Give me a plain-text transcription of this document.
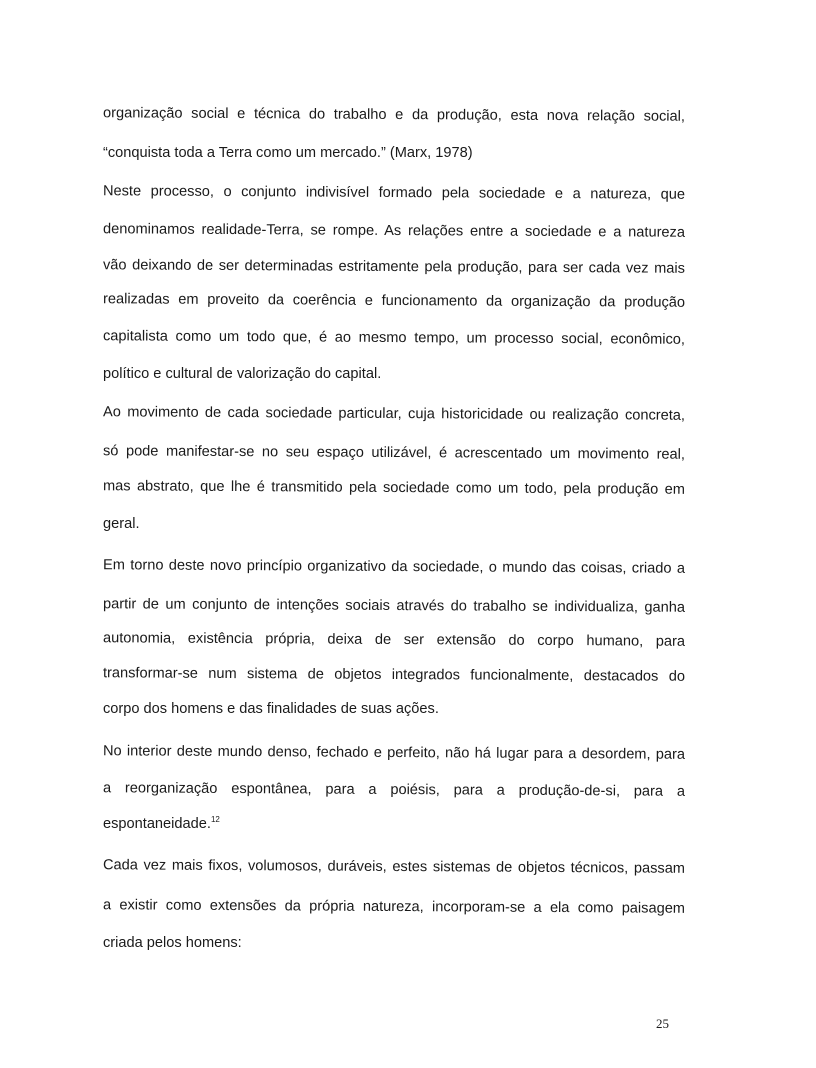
organização social e técnica do trabalho e da produção, esta nova relação social,
“conquista toda a Terra como um mercado.” (Marx, 1978)
Neste processo, o conjunto indivisível formado pela sociedade e a natureza, que
denominamos realidade-Terra, se rompe. As relações entre a sociedade e a natureza
vão deixando de ser determinadas estritamente pela produção, para ser cada vez mais
realizadas em proveito da coerência e funcionamento da organização da produção
capitalista como um todo que, é ao mesmo tempo, um processo social, econômico,
político e cultural de valorização do capital.
Ao movimento de cada sociedade particular, cuja historicidade ou realização concreta,
só pode manifestar-se no seu espaço utilizável, é acrescentado um movimento real,
mas abstrato, que lhe é transmitido pela sociedade como um todo, pela produção em
geral.
Em torno deste novo princípio organizativo da sociedade, o mundo das coisas, criado a
partir de um conjunto de intenções sociais através do trabalho se individualiza, ganha
autonomia, existência própria, deixa de ser extensão do corpo humano, para
transformar-se num sistema de objetos integrados funcionalmente, destacados do
corpo dos homens e das finalidades de suas ações.
No interior deste mundo denso, fechado e perfeito, não há lugar para a desordem, para
a reorganização espontânea, para a poiésis, para a produção-de-si, para a
espontaneidade.$^{12}$
Cada vez mais fixos, volumosos, duráveis, estes sistemas de objetos técnicos, passam
a existir como extensões da própria natureza, incorporam-se a ela como paisagem
criada pelos homens:
25
